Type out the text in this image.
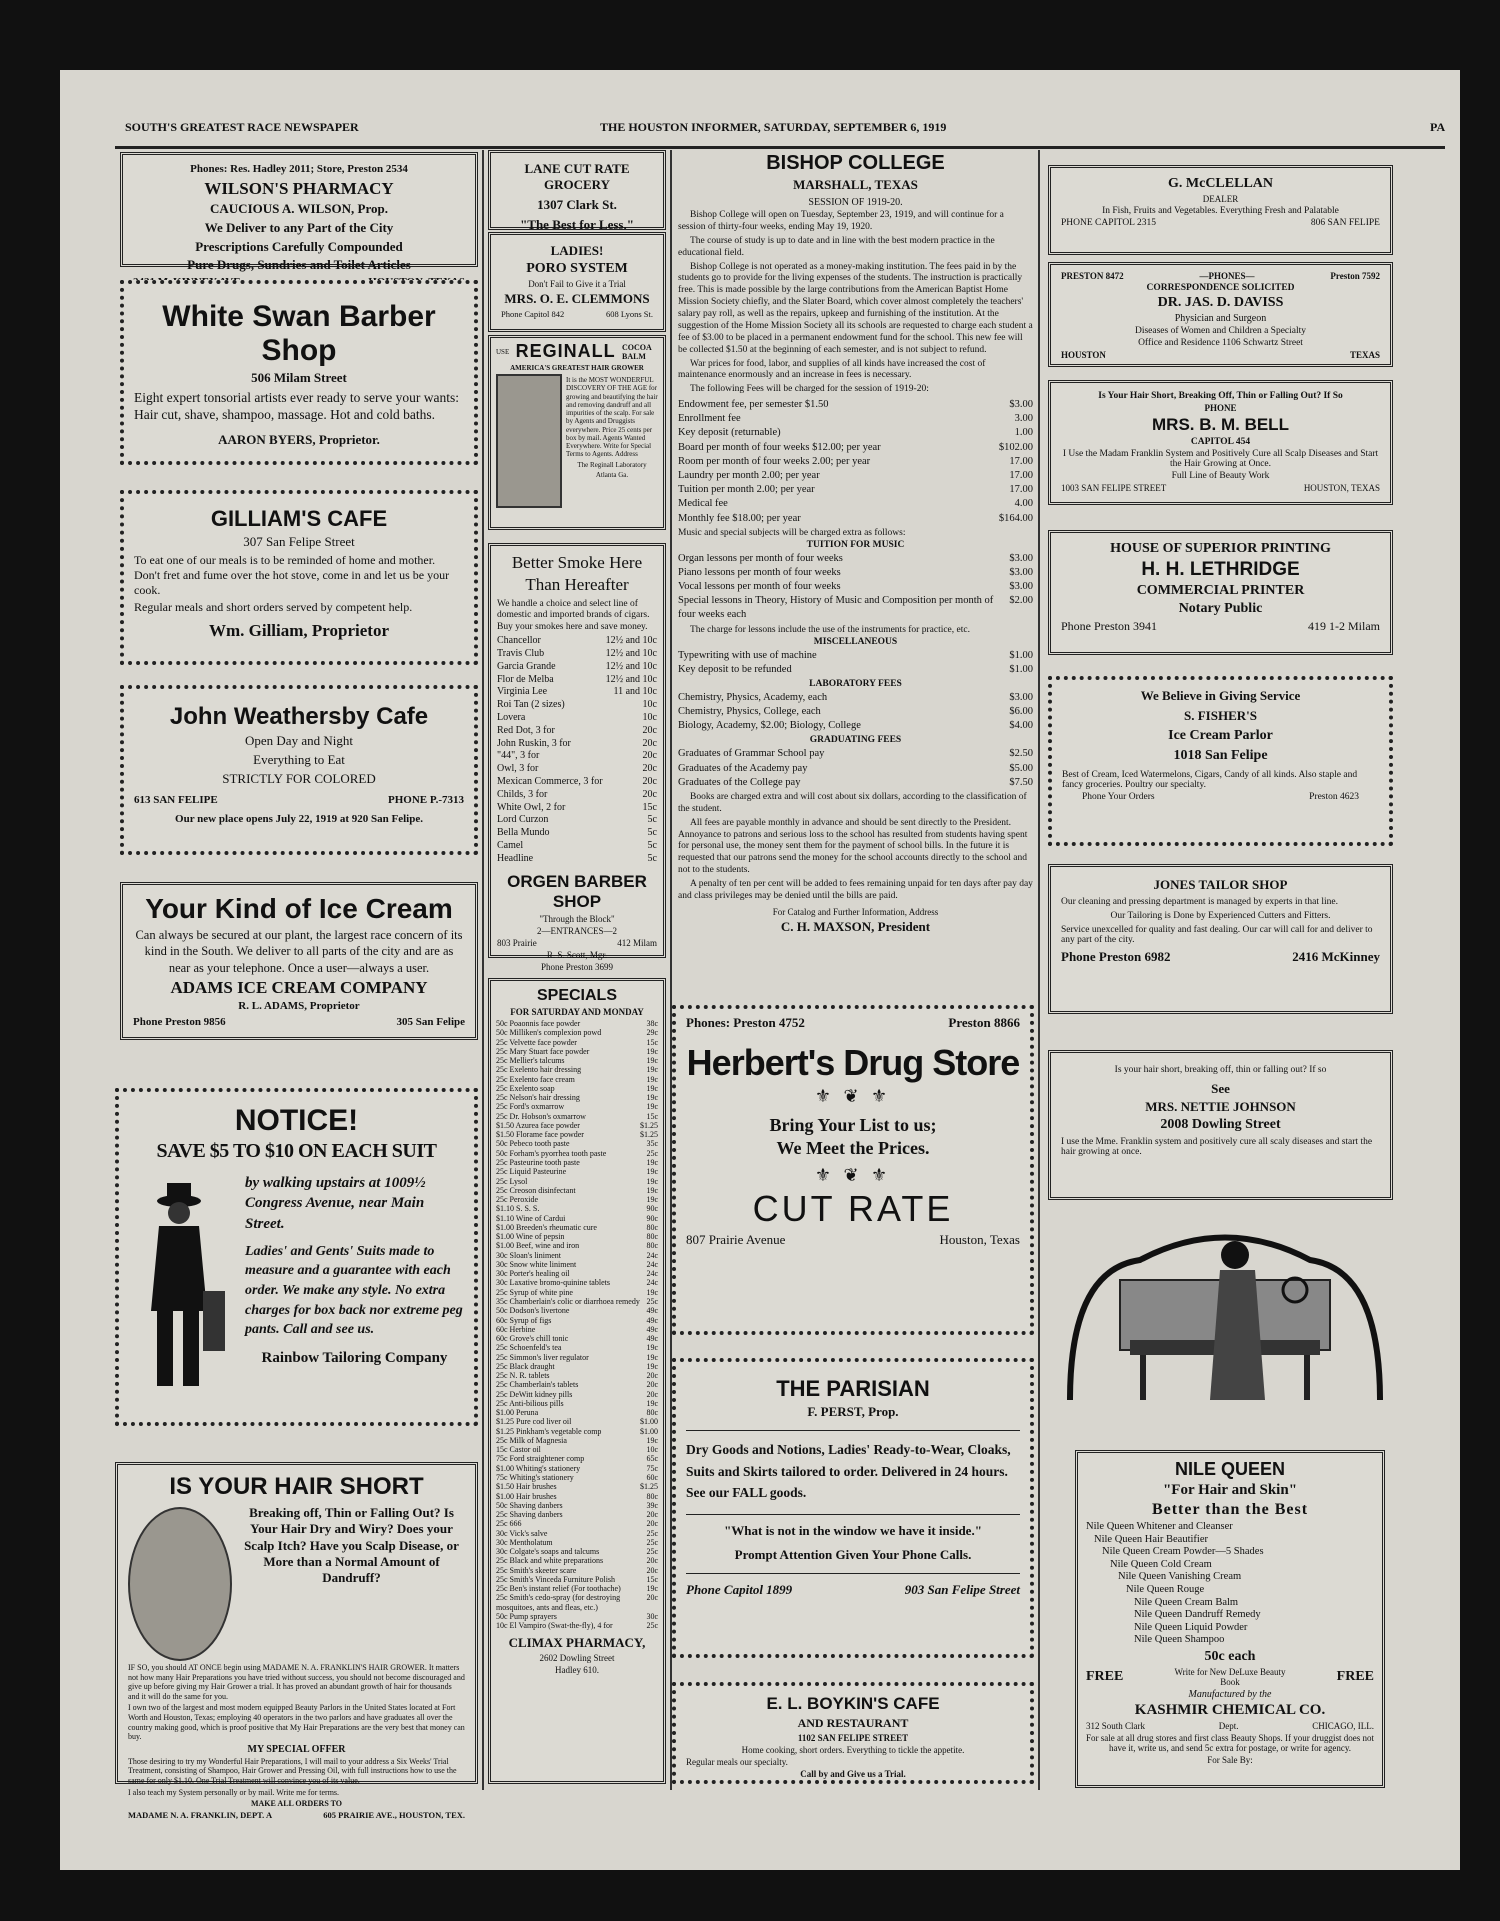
SOUTH'S GREATEST RACE NEWSPAPER	THE HOUSTON INFORMER, SATURDAY, SEPTEMBER 6, 1919	PA

Phones: Res. Hadley 2011; Store, Preston 2534

WILSON'S PHARMACY

CAUCIOUS A. WILSON, Prop.

We Deliver to any Part of the City

Prescriptions Carefully Compounded

Pure Drugs, Sundries and Toilet Articles

White Swan Barber Shop

506 Milam Street

Eight expert tonsorial artists ever ready to serve your wants: Hair cut, shave, shampoo, massage. Hot and cold baths.

AARON BYERS, Proprietor.

GILLIAM'S CAFE

307 San Felipe Street

To eat one of our meals is to be reminded of home and mother. Don't fret and fume over the hot stove, come in and let us be your cook.

Regular meals and short orders served by competent help.

Wm. Gilliam, Proprietor

John Weathersby Cafe

Open Day and Night

Everything to Eat

STRICTLY FOR COLORED

613 SAN FELIPE	PHONE P.-7313

Our new place opens July 22, 1919 at 920 San Felipe.

Your Kind of Ice Cream

Can always be secured at our plant, the largest race concern of its kind in the South. We deliver to all parts of the city and are as near as your telephone. Once a user—always a user.

ADAMS ICE CREAM COMPANY

R. L. ADAMS, Proprietor

Phone Preston 9856	305 San Felipe

NOTICE!

SAVE $5 TO $10 ON EACH SUIT

by walking upstairs at 1009½ Congress Avenue, near Main Street.

Ladies' and Gents' Suits made to measure and a guarantee with each order. We make any style. No extra charges for box back nor extreme peg pants. Call and see us.

Rainbow Tailoring Company

IS YOUR HAIR SHORT

Breaking off, Thin or Falling Out? Is Your Hair Dry and Wiry? Does your Scalp Itch? Have you Scalp Disease, or More than a Normal Amount of Dandruff?

IF SO, you should AT ONCE begin using MADAME N. A. FRANKLIN'S HAIR GROWER. It matters not how many Hair Preparations you have tried without success, you should not become discouraged and give up before giving my Hair Grower a trial. It has proved an abundant growth of hair for thousands and it will do the same for you.

I own two of the largest and most modern equipped Beauty Parlors in the United States located at Fort Worth and Houston, Texas; employing 40 operators in the two parlors and have graduates all over the country making good, which is proof positive that My Hair Preparations are the very best that money can buy.

MY SPECIAL OFFER

Those desiring to try my Wonderful Hair Preparations, I will mail to your address a Six Weeks' Trial Treatment, consisting of Shampoo, Hair Grower and Pressing Oil, with full instructions how to use the same for only $1.10. One Trial Treatment will convince you of its value.

I also teach my System personally or by mail. Write me for terms.

MAKE ALL ORDERS TO

MADAME N. A. FRANKLIN, DEPT. A	605 PRAIRIE AVE., HOUSTON, TEX.

LANE CUT RATE GROCERY

1307 Clark St.

"The Best for Less."

LADIES!

PORO SYSTEM

Don't Fail to Give it a Trial

MRS. O. E. CLEMMONS

Phone Capitol 842	608 Lyons St.
USE REGINALL COCOA BALM

AMERICA'S GREATEST HAIR GROWER

It is the MOST WONDERFUL DISCOVERY OF THE AGE for growing and beautifying the hair and removing dandruff and all impurities of the scalp. For sale by Agents and Druggists everywhere. Price 25 cents per box by mail. Agents Wanted Everywhere. Write for Special Terms to Agents. Address

The Reginall Laboratory

Atlanta Ga.

Better Smoke Here

Than Hereafter

We handle a choice and select line of domestic and imported brands of cigars. Buy your smokes here and save money.

Chancellor	12½ and 10c
Travis Club	12½ and 10c
Garcia Grande	12½ and 10c
Flor de Melba	12½ and 10c
Virginia Lee	11 and 10c
Roi Tan (2 sizes)	10c
Lovera	10c
Red Dot, 3 for	20c
John Ruskin, 3 for	20c
"44", 3 for	20c
Owl, 3 for	20c
Mexican Commerce, 3 for	20c
Childs, 3 for	20c
White Owl, 2 for	15c
Lord Curzon	5c
Bella Mundo	5c
Camel	5c
Headline	5c

ORGEN BARBER SHOP

"Through the Block"

2—ENTRANCES—2

803 Prairie	412 Milam

R. S. Scott, Mgr.

Phone Preston 3699

SPECIALS

FOR SATURDAY AND MONDAY

50c Poaonnis face powder	38c
50c Milliken's complexion powd	29c
25c Velvette face powder	15c
25c Mary Stuart face powder	19c
25c Mellier's talcums	19c
25c Exelento hair dressing	19c
25c Exelento face cream	19c
25c Exelento soap	19c
25c Nelson's hair dressing	19c
25c Ford's oxmarrow	19c
25c Dr. Hobson's oxmarrow	15c
$1.50 Azurea face powder	$1.25
$1.50 Florame face powder	$1.25
50c Pebeco tooth paste	35c
50c Forham's pyorrhea tooth paste	25c
25c Pasteurine tooth paste	19c
25c Liquid Pasteurine	19c
25c Lysol	19c
25c Creoson disinfectant	19c
25c Peroxide	19c
$1.10 S. S. S.	90c
$1.10 Wine of Cardui	90c
$1.00 Breeden's rheumatic cure	80c
$1.00 Wine of pepsin	80c
$1.00 Beef, wine and iron	80c
30c Sloan's liniment	24c
30c Snow white liniment	24c
30c Porter's healing oil	24c
30c Laxative bromo-quinine tablets	24c
25c Syrup of white pine	19c
35c Chamberlain's colic or diarrhoea remedy 25c
50c Dodson's livertone	49c
60c Syrup of figs	49c
60c Herbine	49c
60c Grove's chill tonic	49c
25c Schoenfeld's tea	19c
25c Simmon's liver regulator	19c
25c Black draught	19c
25c N. R. tablets	20c
25c Chamberlain's tablets	20c
25c DeWitt kidney pills	20c
25c Anti-bilious pills	19c
$1.00 Peruna	80c
$1.25 Pure cod liver oil	$1.00
$1.25 Pinkham's vegetable comp	$1.00
25c Milk of Magnesia	19c
15c Castor oil	10c
75c Ford straightener comp	65c
$1.00 Whiting's stationery	75c
75c Whiting's stationery	60c
$1.50 Hair brushes	$1.25
$1.00 Hair brushes	80c
50c Shaving danbers	39c
25c Shaving danbers	20c
25c 666	20c
30c Vick's salve	25c
30c Mentholatum	25c
30c Colgate's soaps and talcums	25c
25c Black and white preparations	20c
25c Smith's skeeter scare	20c
25c Smith's Vinceda Furniture Polish	15c
25c Ben's instant relief (For toothache)	19c
25c Smith's cedo-spray (for destroying mosquitoes, ants and fleas, etc.)
20c
50c Pump sprayers	30c
10c El Vampiro (Swat-the-fly), 4 for	25c

CLIMAX PHARMACY,

2602 Dowling Street

Hadley 610.

BISHOP COLLEGE

MARSHALL, TEXAS

SESSION OF 1919-20.

Bishop College will open on Tuesday, September 23, 1919, and will continue for a session of thirty-four weeks, ending May 19, 1920.

The course of study is up to date and in line with the best modern practice in the educational field.

Bishop College is not operated as a money-making institution. The fees paid in by the students go to provide for the living expenses of the students. The instruction is practically free. This is made possible by the large contributions from the American Baptist Home Mission Society chiefly, and the Slater Board, which cover almost completely the teachers' salary pay roll, as well as the repairs, upkeep and furnishing of the institution. At the suggestion of the Home Mission Society all its schools are requested to charge each student a fee of $3.00 to be placed in a permanent endowment fund for the school. This new fee will be collected $1.50 at the beginning of each semester, and is not subject to refund.

War prices for food, labor, and supplies of all kinds have increased the cost of maintenance enormously and an increase in fees is necessary.

The following Fees will be charged for the session of 1919-20:

Endowment fee, per semester $1.50	$3.00
Enrollment fee	3.00
Key deposit (returnable)	1.00
Board per month of four weeks $12.00; per year	$102.00
Room per month of four weeks 2.00; per year	17.00
Laundry per month 2.00; per year	17.00
Tuition per month 2.00; per year	17.00
Medical fee	4.00
Monthly fee $18.00; per year	$164.00

Music and special subjects will be charged extra as follows:

TUITION FOR MUSIC

Organ lessons per month of four weeks	$3.00
Piano lessons per month of four weeks	$3.00
Vocal lessons per month of four weeks	$3.00
Special lessons in Theory, History of Music and Composition per month of four weeks each
$2.00

The charge for lessons include the use of the instruments for practice, etc.

MISCELLANEOUS

Typewriting with use of machine	$1.00
Key deposit to be refunded	$1.00

LABORATORY FEES

Chemistry, Physics, Academy, each	$3.00
Chemistry, Physics, College, each	$6.00
Biology, Academy, $2.00; Biology, College	$4.00

GRADUATING FEES

Graduates of Grammar School pay	$2.50
Graduates of the Academy pay	$5.00
Graduates of the College pay	$7.50

Books are charged extra and will cost about six dollars, according to the classification of the student.

All fees are payable monthly in advance and should be sent directly to the President. Annoyance to patrons and serious loss to the school has resulted from students having spent for personal use, the money sent them for the payment of school bills. In the future it is requested that our patrons send the money for the school accounts directly to the school and not to the students.

A penalty of ten per cent will be added to fees remaining unpaid for ten days after pay day and class privileges may be denied until the bills are paid.

For Catalog and Further Information, Address

C. H. MAXSON, President

Phones: Preston 4752	Preston 8866

Herbert's Drug Store

⚜ ❦ ⚜

Bring Your List to us;

We Meet the Prices.

⚜ ❦ ⚜

CUT RATE

807 Prairie Avenue	Houston, Texas

THE PARISIAN

F. PERST, Prop.

Dry Goods and Notions, Ladies' Ready-to-Wear, Cloaks, Suits and Skirts tailored to order. Delivered in 24 hours. See our FALL goods.

"What is not in the window we have it inside."

Prompt Attention Given Your Phone Calls.

Phone Capitol 1899	903 San Felipe Street

E. L. BOYKIN'S CAFE

AND RESTAURANT

1102 SAN FELIPE STREET

Home cooking, short orders. Everything to tickle the appetite.

Regular meals our specialty.

Call by and Give us a Trial.

G. McCLELLAN

DEALER

In Fish, Fruits and Vegetables. Everything Fresh and Palatable

PHONE CAPITOL 2315	806 SAN FELIPE
PRESTON 8472	—PHONES—	Preston 7592

CORRESPONDENCE SOLICITED

DR. JAS. D. DAVISS

Physician and Surgeon

Diseases of Women and Children a Specialty

Office and Residence 1106 Schwartz Street

HOUSTON	TEXAS

Is Your Hair Short, Breaking Off, Thin or Falling Out? If So

PHONE

MRS. B. M. BELL

CAPITOL 454

I Use the Madam Franklin System and Positively Cure all Scalp Diseases and Start the Hair Growing at Once.

Full Line of Beauty Work

1003 SAN FELIPE STREET	HOUSTON, TEXAS

HOUSE OF SUPERIOR PRINTING

H. H. LETHRIDGE

COMMERCIAL PRINTER

Notary Public

Phone Preston 3941	419 1-2 Milam

We Believe in Giving Service

S. FISHER'S

Ice Cream Parlor

1018 San Felipe

Best of Cream, Iced Watermelons, Cigars, Candy of all kinds. Also staple and fancy groceries. Poultry our specialty.

Phone Your Orders	Preston 4623

JONES TAILOR SHOP

Our cleaning and pressing department is managed by experts in that line.

Our Tailoring is Done by Experienced Cutters and Fitters.

Service unexcelled for quality and fast dealing. Our car will call for and deliver to any part of the city.

Phone Preston 6982	2416 McKinney

Is your hair short, breaking off, thin or falling out? If so

See

MRS. NETTIE JOHNSON

2008 Dowling Street

I use the Mme. Franklin system and positively cure all scaly diseases and start the hair growing at once.

NILE QUEEN

"For Hair and Skin"

Better than the Best

Nile Queen Whitener and Cleanser
Nile Queen Hair Beautifier
Nile Queen Cream Powder—5 Shades
Nile Queen Cold Cream
Nile Queen Vanishing Cream
Nile Queen Rouge
Nile Queen Cream Balm
Nile Queen Dandruff Remedy
Nile Queen Liquid Powder
Nile Queen Shampoo

50c each

FREE	Write for New DeLuxe Beauty Book	FREE

Manufactured by the

KASHMIR CHEMICAL CO.

312 South Clark	Dept.	CHICAGO, ILL.

For sale at all drug stores and first class Beauty Shops. If your druggist does not have it, write us, and send 5c extra for postage, or write for agency.

For Sale By:
